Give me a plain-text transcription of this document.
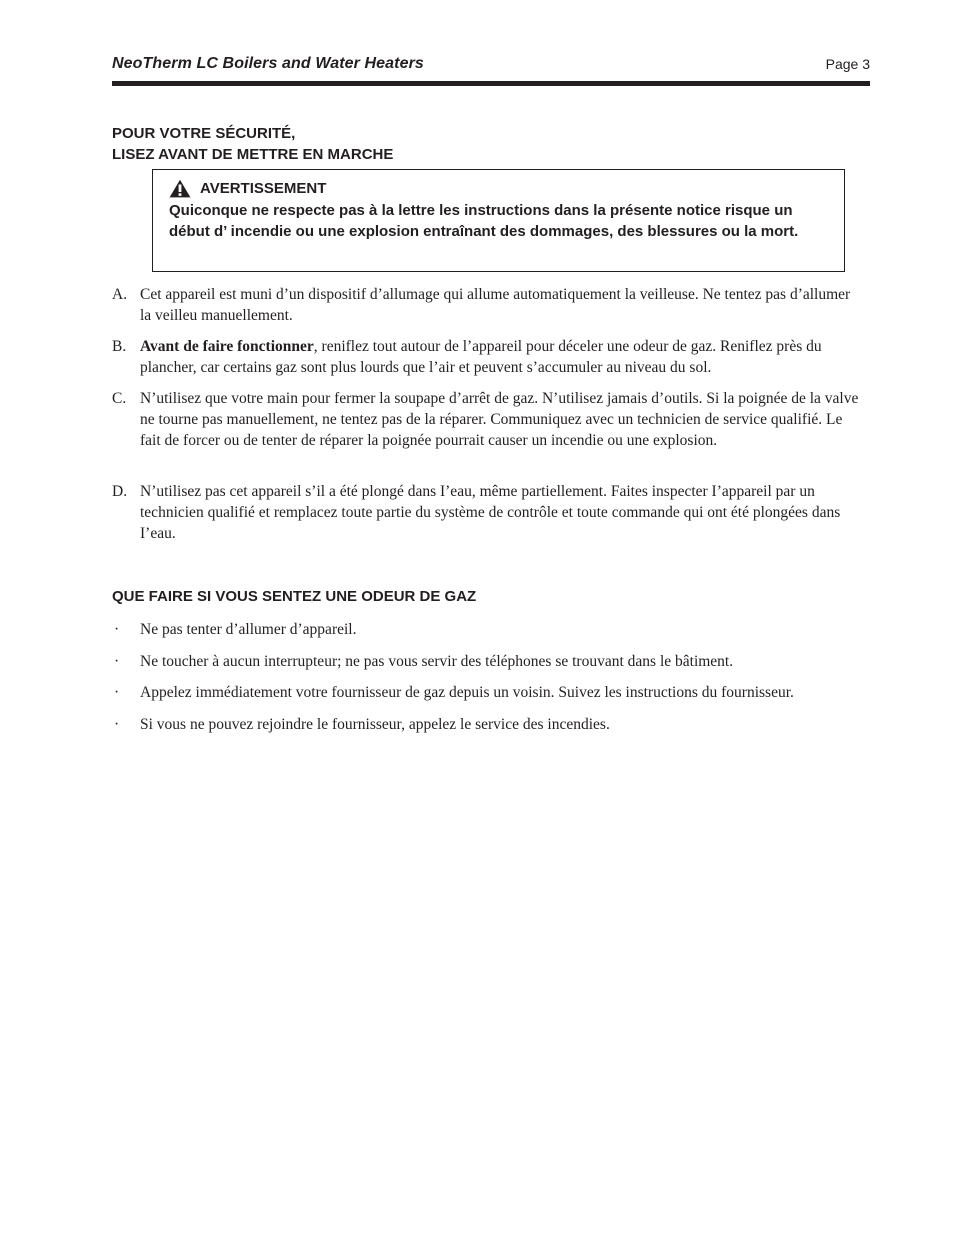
NeoTherm LC Boilers and Water Heaters	Page 3
POUR VOTRE SÉCURITÉ,
LISEZ AVANT DE METTRE EN MARCHE
AVERTISSEMENT
Quiconque ne respecte pas à la lettre les instructions dans la présente notice risque un début d’ incendie ou une explosion entraînant des dommages, des blessures ou la mort.
A. Cet appareil est muni d’un dispositif d’allumage qui allume automatiquement la veilleuse. Ne tentez pas d’allumer la veilleu manuellement.
B. Avant de faire fonctionner, reniflez tout autour de l’appareil pour déceler une odeur de gaz. Reniflez près du plancher, car certains gaz sont plus lourds que l’air et peuvent s’accumuler au niveau du sol.
C. N’utilisez que votre main pour fermer la soupape d’arrêt de gaz. N’utilisez jamais d’outils. Si la poignée de la valve ne tourne pas manuellement, ne tentez pas de la réparer. Communiquez avec un technicien de service qualifié. Le fait de forcer ou de tenter de réparer la poignée pourrait causer un incendie ou une explosion.
D. N’utilisez pas cet appareil s’il a été plongé dans I’eau, même partiellement. Faites inspecter I’appareil par un technicien qualifié et remplacez toute partie du système de contrôle et toute commande qui ont été plongées dans I’eau.
QUE FAIRE SI VOUS SENTEZ UNE ODEUR DE GAZ
· Ne pas tenter d’allumer d’appareil.
· Ne toucher à aucun interrupteur; ne pas vous servir des téléphones se trouvant dans le bâtiment.
· Appelez immédiatement votre fournisseur de gaz depuis un voisin. Suivez les instructions du fournisseur.
· Si vous ne pouvez rejoindre le fournisseur, appelez le service des incendies.
